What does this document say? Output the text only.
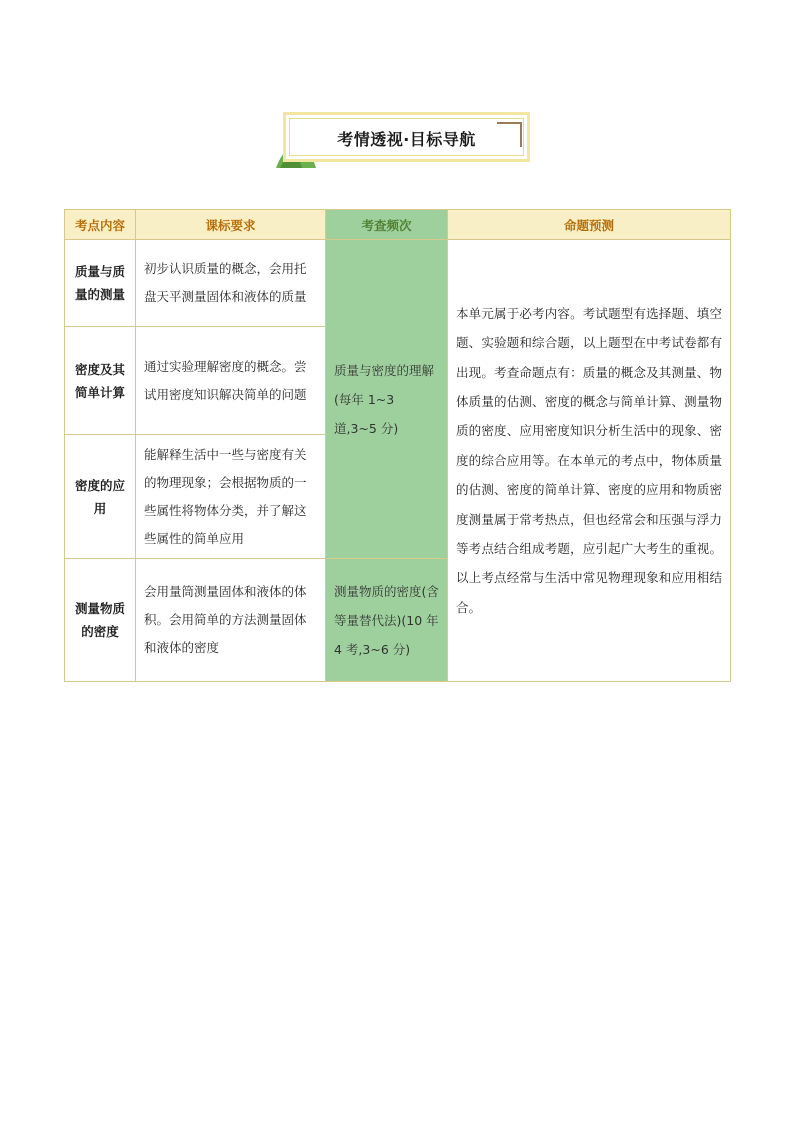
考情透视·目标导航
考点内容	课标要求	考查频次	命题预测
质量与质量的测量	初步认识质量的概念，会用托盘天平测量固体和液体的质量	质量与密度的理解(每年 1~3 道,3~5 分)	本单元属于必考内容。考试题型有选择题、填空题、实验题和综合题，以上题型在中考试卷都有出现。考查命题点有：质量的概念及其测量、物体质量的估测、密度的概念与简单计算、测量物质的密度、应用密度知识分析生活中的现象、密度的综合应用等。在本单元的考点中，物体质量的估测、密度的简单计算、密度的应用和物质密度测量属于常考热点，但也经常会和压强与浮力等考点结合组成考题，应引起广大考生的重视。以上考点经常与生活中常见物理现象和应用相结合。
密度及其简单计算	通过实验理解密度的概念。尝试用密度知识解决简单的问题		
密度的应用	能解释生活中一些与密度有关的物理现象；会根据物质的一些属性将物体分类，并了解这些属性的简单应用		
测量物质的密度	会用量筒测量固体和液体的体积。会用简单的方法测量固体和液体的密度	测量物质的密度(含等量替代法)(10 年 4 考,3~6 分)	
